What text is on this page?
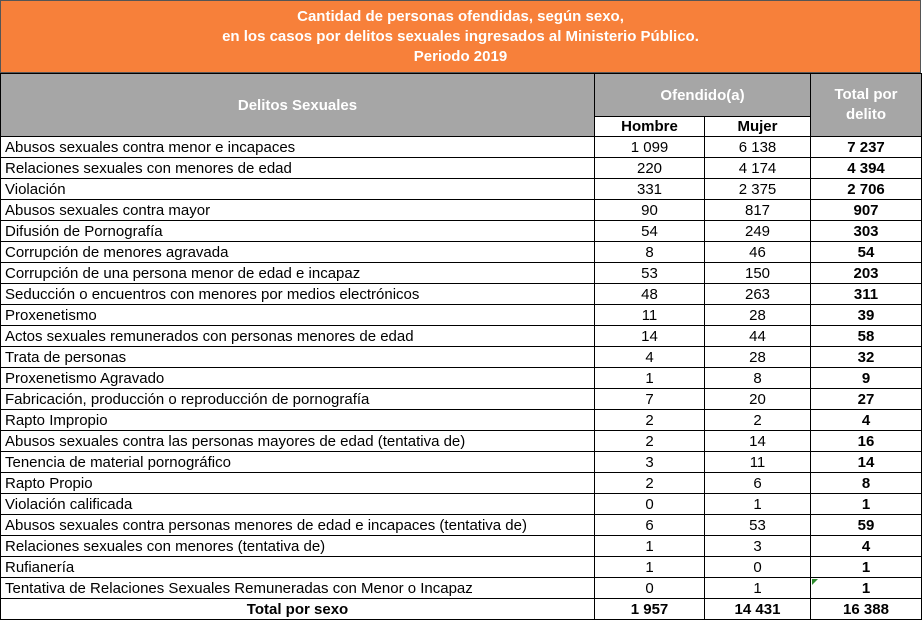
Cantidad de personas ofendidas, según sexo,
en los casos por delitos sexuales ingresados al Ministerio Público.
Periodo 2019
Delitos Sexuales	Ofendido(a)		Total por delito
	Hombre	Mujer	
Abusos sexuales contra menor e incapaces	1 099	6 138	7 237
Relaciones sexuales con menores de edad	220	4 174	4 394
Violación	331	2 375	2 706
Abusos sexuales contra mayor	90	817	907
Difusión de Pornografía	54	249	303
Corrupción de menores agravada	8	46	54
Corrupción de una persona menor de edad e incapaz	53	150	203
Seducción o encuentros con menores por medios electrónicos	48	263	311
Proxenetismo	11	28	39
Actos sexuales remunerados con personas menores de edad	14	44	58
Trata de personas	4	28	32
Proxenetismo Agravado	1	8	9
Fabricación, producción o reproducción de pornografía	7	20	27
Rapto Impropio	2	2	4
Abusos sexuales contra las personas mayores de edad (tentativa de)	2	14	16
Tenencia de material pornográfico	3	11	14
Rapto Propio	2	6	8
Violación calificada	0	1	1
Abusos sexuales contra personas menores de edad e incapaces (tentativa de)	6	53	59
Relaciones sexuales con menores (tentativa de)	1	3	4
Rufianería	1	0	1
Tentativa de Relaciones Sexuales Remuneradas con Menor o Incapaz	0	1	1
Total por sexo	1 957	14 431	16 388
